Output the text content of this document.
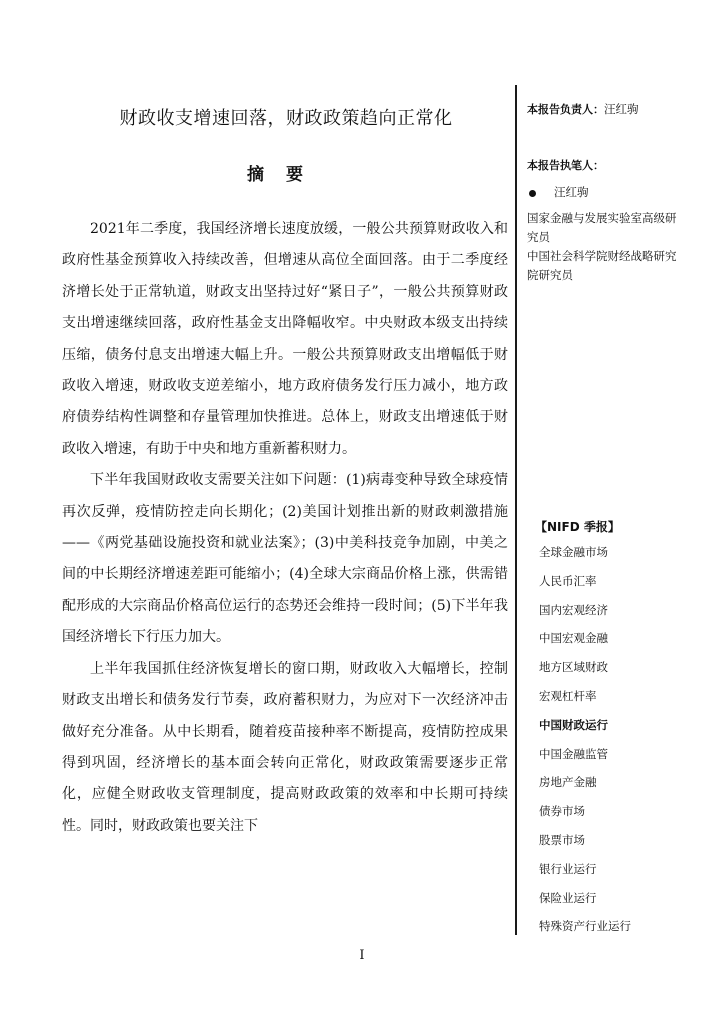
财政收支增速回落，财政政策趋向正常化
摘要

2021年二季度，我国经济增长速度放缓，一般公共预算财政收入和政府性基金预算收入持续改善，但增速从高位全面回落。由于二季度经济增长处于正常轨道，财政支出坚持过好“紧日子”，一般公共预算财政支出增速继续回落，政府性基金支出降幅收窄。中央财政本级支出持续压缩，债务付息支出增速大幅上升。一般公共预算财政支出增幅低于财政收入增速，财政收支逆差缩小，地方政府债务发行压力减小，地方政府债券结构性调整和存量管理加快推进。总体上，财政支出增速低于财政收入增速，有助于中央和地方重新蓄积财力。

下半年我国财政收支需要关注如下问题：(1)病毒变种导致全球疫情再次反弹，疫情防控走向长期化；(2)美国计划推出新的财政刺激措施——《两党基础设施投资和就业法案》；(3)中美科技竞争加剧，中美之间的中长期经济增速差距可能缩小；(4)全球大宗商品价格上涨，供需错配形成的大宗商品价格高位运行的态势还会维持一段时间；(5)下半年我国经济增长下行压力加大。

上半年我国抓住经济恢复增长的窗口期，财政收入大幅增长，控制财政支出增长和债务发行节奏，政府蓄积财力，为应对下一次经济冲击做好充分准备。从中长期看，随着疫苗接种率不断提高，疫情防控成果得到巩固，经济增长的基本面会转向正常化，财政政策需要逐步正常化，应健全财政收支管理制度，提高财政政策的效率和中长期可持续性。同时，财政政策也要关注下

本报告负责人：汪红驹
本报告执笔人：
汪红驹
国家金融与发展实验室高级研究员
中国社会科学院财经战略研究院研究员
【NIFD 季报】
全球金融市场
人民币汇率
国内宏观经济
中国宏观金融
地方区域财政
宏观杠杆率
中国财政运行
中国金融监管
房地产金融
债券市场
股票市场
银行业运行
保险业运行
特殊资产行业运行
I
